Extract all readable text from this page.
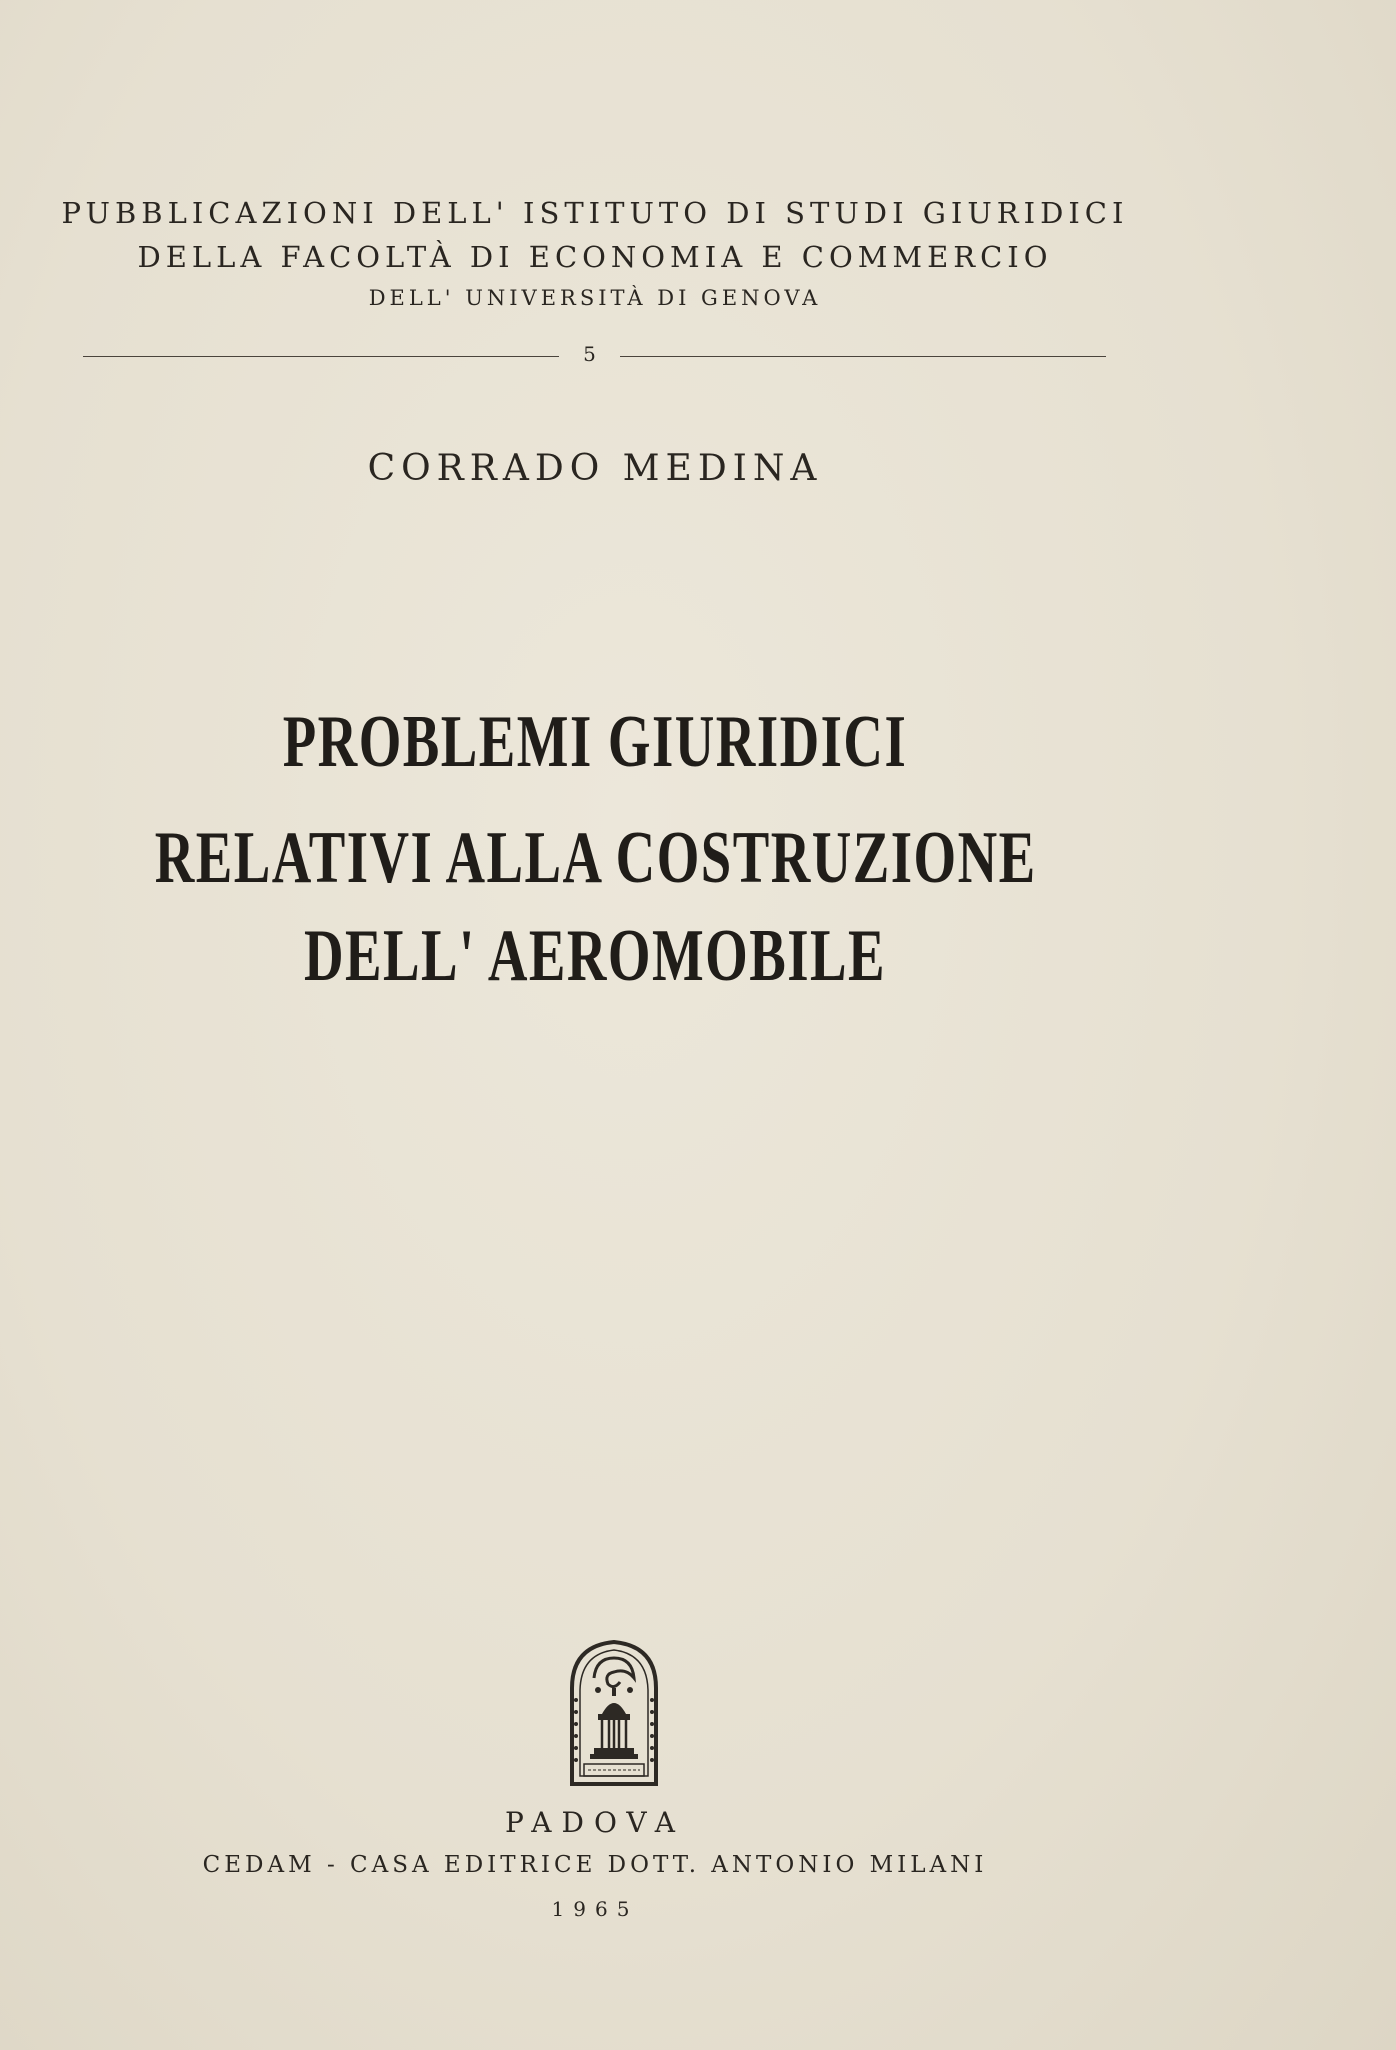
PUBBLICAZIONI DELL' ISTITUTO DI STUDI GIURIDICI
DELLA FACOLTÀ DI ECONOMIA E COMMERCIO
DELL' UNIVERSITÀ DI GENOVA
5
CORRADO MEDINA
PROBLEMI GIURIDICI
RELATIVI ALLA COSTRUZIONE
DELL' AEROMOBILE
PADOVA
CEDAM - CASA EDITRICE DOTT. ANTONIO MILANI
1965
